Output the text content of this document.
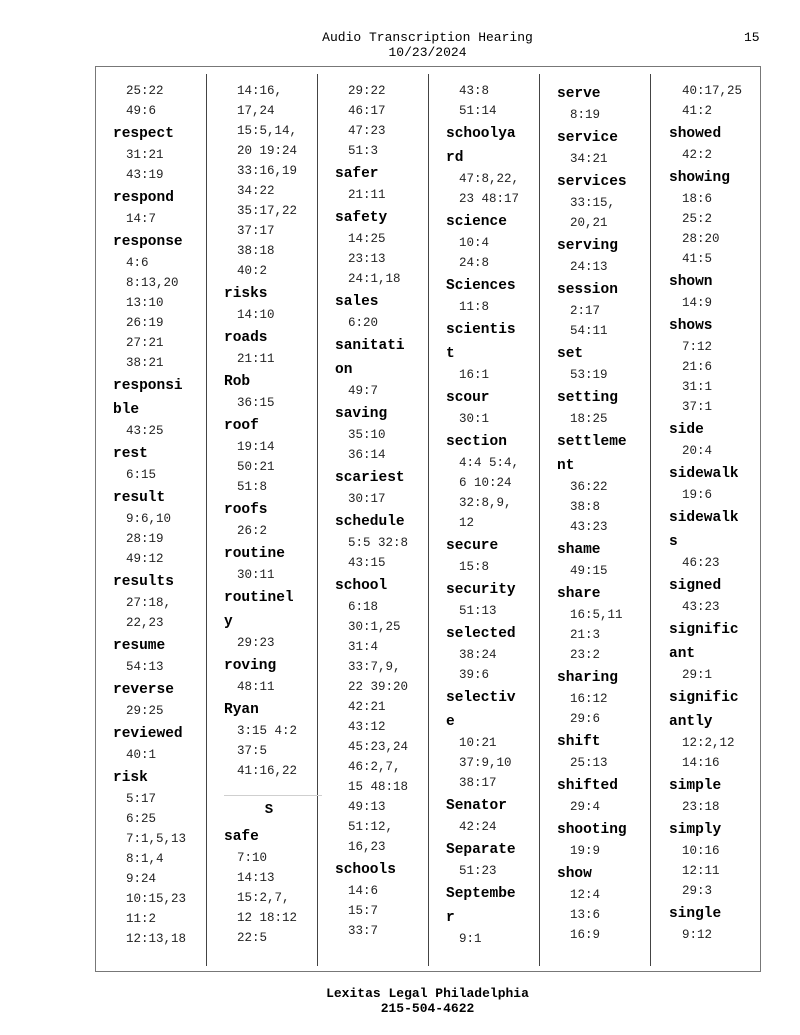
Audio Transcription Hearing
10/23/2024
15
25:22
49:6
respect
31:21
43:19
respond
14:7
response
4:6
8:13,20
13:10
26:19
27:21
38:21
responsi
ble
43:25
rest
6:15
result
9:6,10
28:19
49:12
results
27:18,
22,23
resume
54:13
reverse
29:25
reviewed
40:1
risk
5:17
6:25
7:1,5,13
8:1,4
9:24
10:15,23
11:2
12:13,18
14:16,
17,24
15:5,14,
20 19:24
33:16,19
34:22
35:17,22
37:17
38:18
40:2
risks
14:10
roads
21:11
Rob
36:15
roof
19:14
50:21
51:8
roofs
26:2
routine
30:11
routinel
y
29:23
roving
48:11
Ryan
3:15 4:2
37:5
41:16,22
S
safe
7:10
14:13
15:2,7,
12 18:12
22:5
29:22
46:17
47:23
51:3
safer
21:11
safety
14:25
23:13
24:1,18
sales
6:20
sanitati
on
49:7
saving
35:10
36:14
scariest
30:17
schedule
5:5 32:8
43:15
school
6:18
30:1,25
31:4
33:7,9,
22 39:20
42:21
43:12
45:23,24
46:2,7,
15 48:18
49:13
51:12,
16,23
schools
14:6
15:7
33:7
43:8
51:14
schoolya
rd
47:8,22,
23 48:17
science
10:4
24:8
Sciences
11:8
scientis
t
16:1
scour
30:1
section
4:4 5:4,
6 10:24
32:8,9,
12
secure
15:8
security
51:13
selected
38:24
39:6
selectiv
e
10:21
37:9,10
38:17
Senator
42:24
Separate
51:23
Septembe
r
9:1
serve
8:19
service
34:21
services
33:15,
20,21
serving
24:13
session
2:17
54:11
set
53:19
setting
18:25
settleme
nt
36:22
38:8
43:23
shame
49:15
share
16:5,11
21:3
23:2
sharing
16:12
29:6
shift
25:13
shifted
29:4
shooting
19:9
show
12:4
13:6
16:9
40:17,25
41:2
showed
42:2
showing
18:6
25:2
28:20
41:5
shown
14:9
shows
7:12
21:6
31:1
37:1
side
20:4
sidewalk
19:6
sidewalk
s
46:23
signed
43:23
signific
ant
29:1
signific
antly
12:2,12
14:16
simple
23:18
simply
10:16
12:11
29:3
single
9:12
Lexitas Legal Philadelphia
215-504-4622
